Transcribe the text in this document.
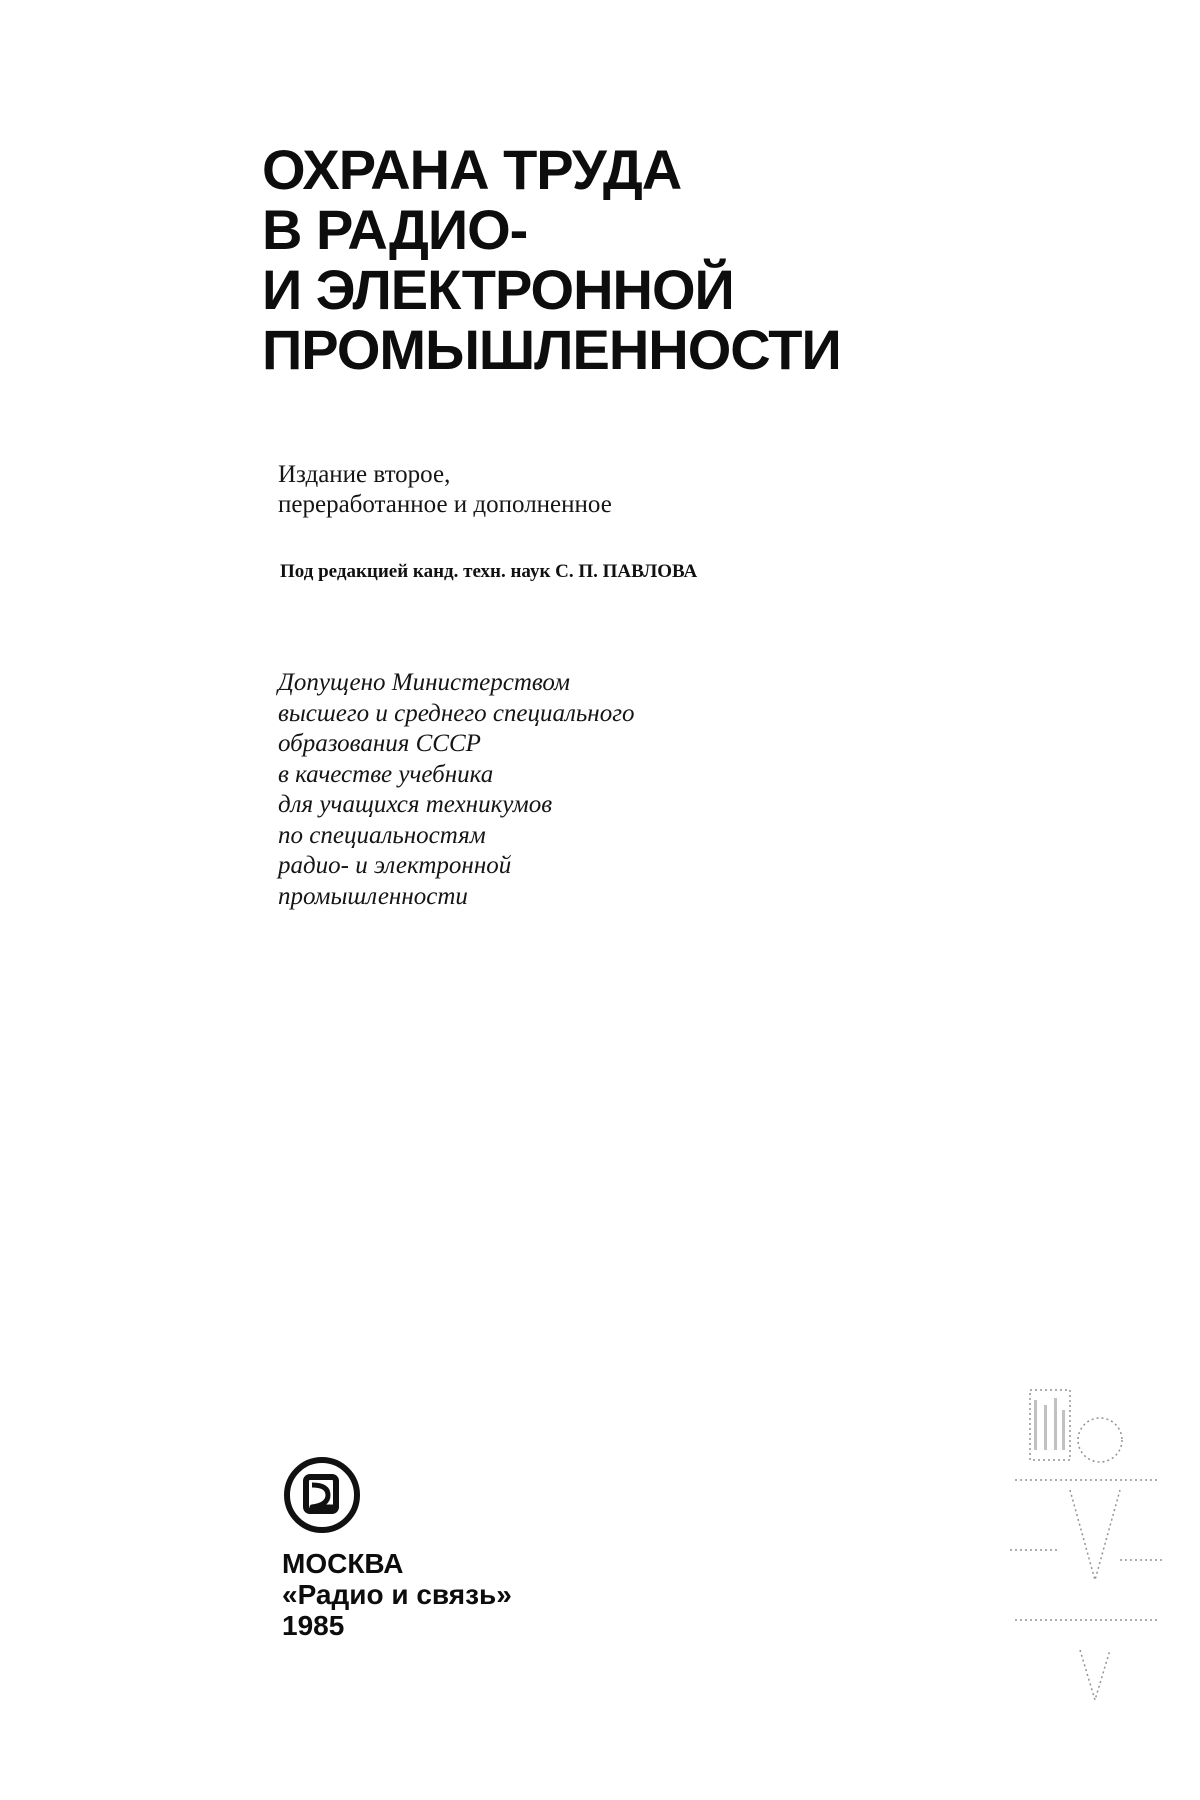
ОХРАНА ТРУДА
В РАДИО-
И ЭЛЕКТРОННОЙ
ПРОМЫШЛЕННОСТИ
Издание второе,
переработанное и дополненное
Под редакцией канд. техн. наук С. П. ПАВЛОВА
Допущено Министерством
высшего и среднего специального
образования СССР
в качестве учебника
для учащихся техникумов
по специальностям
радио- и электронной
промышленности
МОСКВА
«Радио и связь»
1985
